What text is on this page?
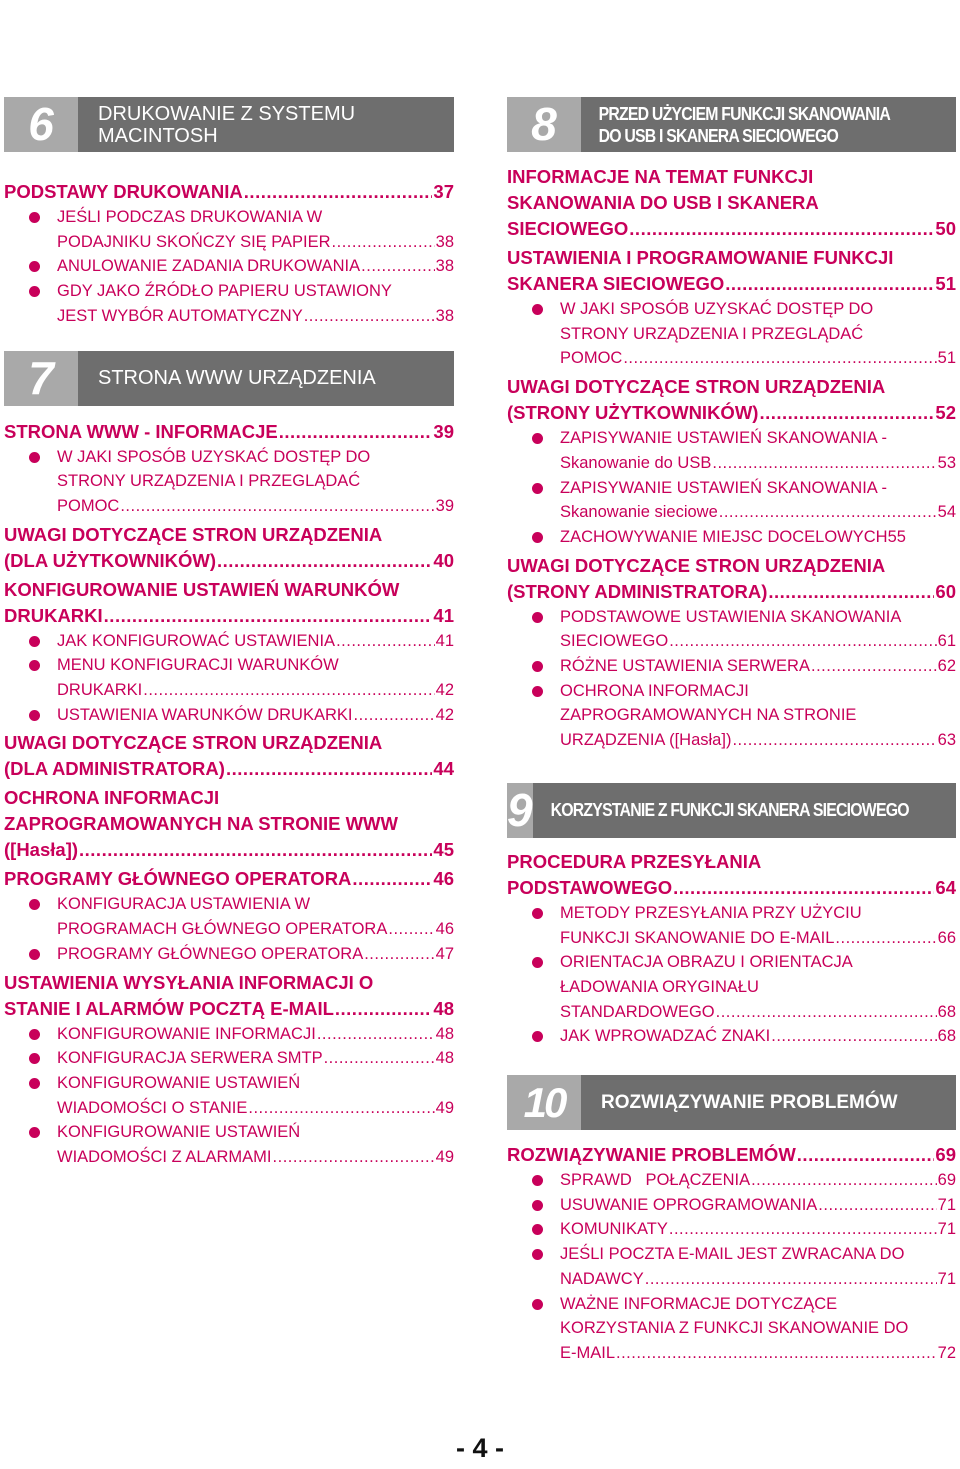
6	DRUKOWANIE Z SYSTEMU
MACINTOSH
PODSTAWY DRUKOWANIA .....	37
JEŚLI PODCZAS DRUKOWANIA W
PODAJNIKU SKOŃCZY SIĘ PAPIER .....	38
ANULOWANIE ZADANIA DRUKOWANIA .....	38
GDY JAKO ŹRÓDŁO PAPIERU USTAWIONY
JEST WYBÓR AUTOMATYCZNY .....	38
7	STRONA WWW URZĄDZENIA
STRONA WWW - INFORMACJE .....	39
W JAKI SPOSÓB UZYSKAĆ DOSTĘP DO
STRONY URZĄDZENIA I PRZEGLĄDAĆ
POMOC .....	39
UWAGI DOTYCZĄCE STRON URZĄDZENIA
(DLA UŻYTKOWNIKÓW) .....	40
KONFIGUROWANIE USTAWIEŃ WARUNKÓW
DRUKARKI .....	41
JAK KONFIGUROWAĆ USTAWIENIA .....	41
MENU KONFIGURACJI WARUNKÓW
DRUKARKI .....	42
USTAWIENIA WARUNKÓW DRUKARKI .....	42
UWAGI DOTYCZĄCE STRON URZĄDZENIA
(DLA ADMINISTRATORA) .....	44
OCHRONA INFORMACJI
ZAPROGRAMOWANYCH NA STRONIE WWW
([Hasła]) .....	45
PROGRAMY GŁÓWNEGO OPERATORA .....	46
KONFIGURACJA USTAWIENIA W
PROGRAMACH GŁÓWNEGO OPERATORA .....	46
PROGRAMY GŁÓWNEGO OPERATORA .....	47
USTAWIENIA WYSYŁANIA INFORMACJI O
STANIE I ALARMÓW POCZTĄ E-MAIL .....	48
KONFIGUROWANIE INFORMACJI .....	48
KONFIGURACJA SERWERA SMTP .....	48
KONFIGUROWANIE USTAWIEŃ
WIADOMOŚCI O STANIE .....	49
KONFIGUROWANIE USTAWIEŃ
WIADOMOŚCI Z ALARMAMI .....	49
8	PRZED UŻYCIEM FUNKCJI SKANOWANIA
DO USB I SKANERA SIECIOWEGO
INFORMACJE NA TEMAT FUNKCJI
SKANOWANIA DO USB I SKANERA
SIECIOWEGO .....	50
USTAWIENIA I PROGRAMOWANIE FUNKCJI
SKANERA SIECIOWEGO .....	51
W JAKI SPOSÓB UZYSKAĆ DOSTĘP DO
STRONY URZĄDZENIA I PRZEGLĄDAĆ
POMOC .....	51
UWAGI DOTYCZĄCE STRON URZĄDZENIA
(STRONY UŻYTKOWNIKÓW) .....	52
ZAPISYWANIE USTAWIEŃ SKANOWANIA -
Skanowanie do USB .....	53
ZAPISYWANIE USTAWIEŃ SKANOWANIA -
Skanowanie sieciowe .....	54
ZACHOWYWANIE MIEJSC DOCELOWYCH 55
UWAGI DOTYCZĄCE STRON URZĄDZENIA
(STRONY ADMINISTRATORA) .....	60
PODSTAWOWE USTAWIENIA SKANOWANIA
SIECIOWEGO .....	61
RÓŻNE USTAWIENIA SERWERA .....	62
OCHRONA INFORMACJI
ZAPROGRAMOWANYCH NA STRONIE
URZĄDZENIA ([Hasła]) .....	63
9 KORZYSTANIE Z FUNKCJI SKANERA SIECIOWEGO
PROCEDURA PRZESYŁANIA
PODSTAWOWEGO .....	64
METODY PRZESYŁANIA PRZY UŻYCIU
FUNKCJI SKANOWANIE DO E-MAIL .....	66
ORIENTACJA OBRAZU I ORIENTACJA
ŁADOWANIA ORYGINAŁU
STANDARDOWEGO .....	68
JAK WPROWADZAĆ ZNAKI .....	68
10	ROZWIĄZYWANIE PROBLEMÓW
ROZWIĄZYWANIE PROBLEMÓW .....	69
SPRAWD   POŁĄCZENIA .....	69
USUWANIE OPROGRAMOWANIA .....	71
KOMUNIKATY .....	71
JEŚLI POCZTA E-MAIL JEST ZWRACANA DO
NADAWCY .....	71
WAŻNE INFORMACJE DOTYCZĄCE
KORZYSTANIA Z FUNKCJI SKANOWANIE DO
E-MAIL .....	72
- 4 -
